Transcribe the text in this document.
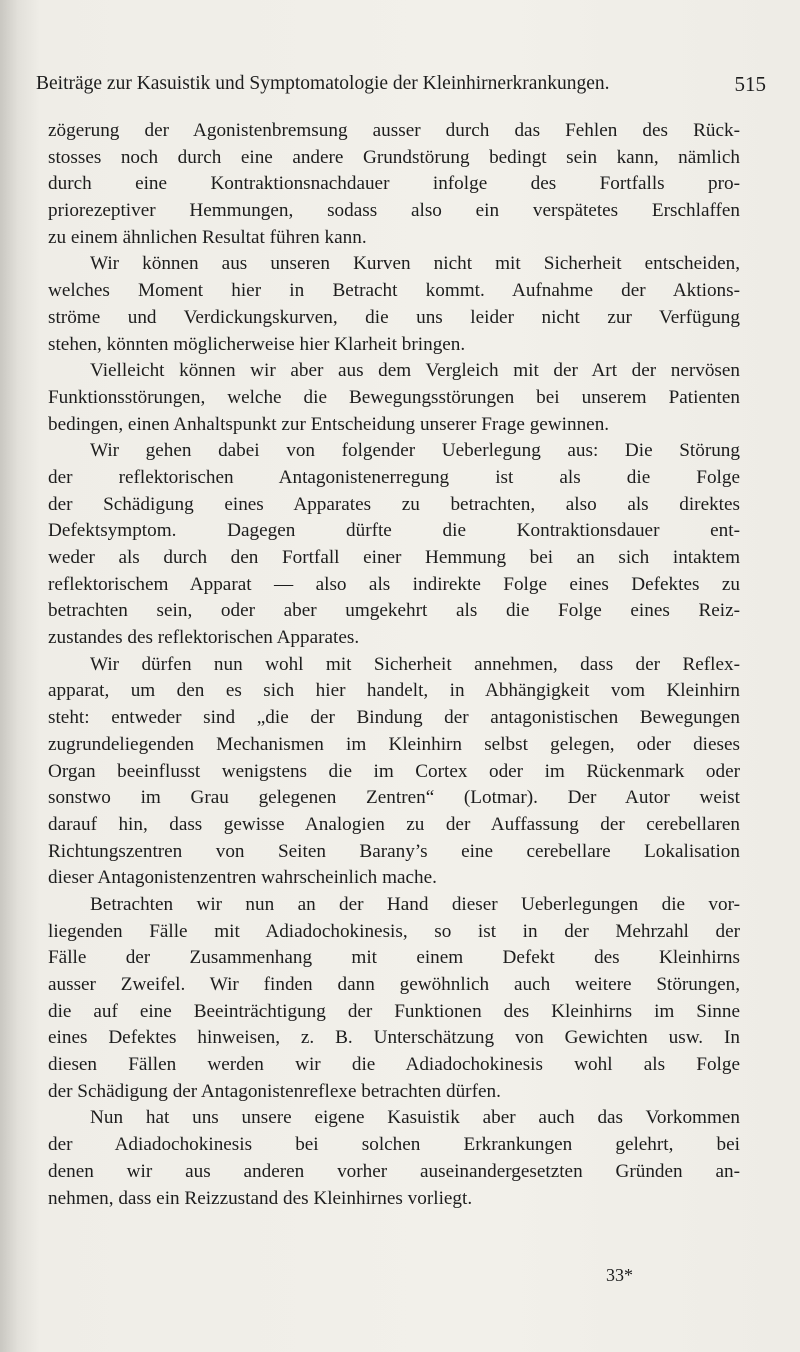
Beiträge zur Kasuistik und Symptomatologie der Kleinhirnerkrankungen.	515
zögerung der Agonistenbremsung ausser durch das Fehlen des Rück-
stosses noch durch eine andere Grundstörung bedingt sein kann, nämlich
durch eine Kontraktionsnachdauer infolge des Fortfalls pro-
priorezeptiver Hemmungen, sodass also ein verspätetes Erschlaffen
zu einem ähnlichen Resultat führen kann.
Wir können aus unseren Kurven nicht mit Sicherheit entscheiden,
welches Moment hier in Betracht kommt. Aufnahme der Aktions-
ströme und Verdickungskurven, die uns leider nicht zur Verfügung
stehen, könnten möglicherweise hier Klarheit bringen.
Vielleicht können wir aber aus dem Vergleich mit der Art der nervösen
Funktionsstörungen, welche die Bewegungsstörungen bei unserem Patienten
bedingen, einen Anhaltspunkt zur Entscheidung unserer Frage gewinnen.
Wir gehen dabei von folgender Ueberlegung aus: Die Störung
der reflektorischen Antagonistenerregung ist als die Folge
der Schädigung eines Apparates zu betrachten, also als direktes
Defektsymptom. Dagegen dürfte die Kontraktionsdauer ent-
weder als durch den Fortfall einer Hemmung bei an sich intaktem
reflektorischem Apparat — also als indirekte Folge eines Defektes zu
betrachten sein, oder aber umgekehrt als die Folge eines Reiz-
zustandes des reflektorischen Apparates.
Wir dürfen nun wohl mit Sicherheit annehmen, dass der Reflex-
apparat, um den es sich hier handelt, in Abhängigkeit vom Kleinhirn
steht: entweder sind „die der Bindung der antagonistischen Bewegungen
zugrundeliegenden Mechanismen im Kleinhirn selbst gelegen, oder dieses
Organ beeinflusst wenigstens die im Cortex oder im Rückenmark oder
sonstwo im Grau gelegenen Zentren“ (Lotmar). Der Autor weist
darauf hin, dass gewisse Analogien zu der Auffassung der cerebellaren
Richtungszentren von Seiten Barany’s eine cerebellare Lokalisation
dieser Antagonistenzentren wahrscheinlich mache.
Betrachten wir nun an der Hand dieser Ueberlegungen die vor-
liegenden Fälle mit Adiadochokinesis, so ist in der Mehrzahl der
Fälle der Zusammenhang mit einem Defekt des Kleinhirns
ausser Zweifel. Wir finden dann gewöhnlich auch weitere Störungen,
die auf eine Beeinträchtigung der Funktionen des Kleinhirns im Sinne
eines Defektes hinweisen, z. B. Unterschätzung von Gewichten usw. In
diesen Fällen werden wir die Adiadochokinesis wohl als Folge
der Schädigung der Antagonistenreflexe betrachten dürfen.
Nun hat uns unsere eigene Kasuistik aber auch das Vorkommen
der Adiadochokinesis bei solchen Erkrankungen gelehrt, bei
denen wir aus anderen vorher auseinandergesetzten Gründen an-
nehmen, dass ein Reizzustand des Kleinhirnes vorliegt.
33*
